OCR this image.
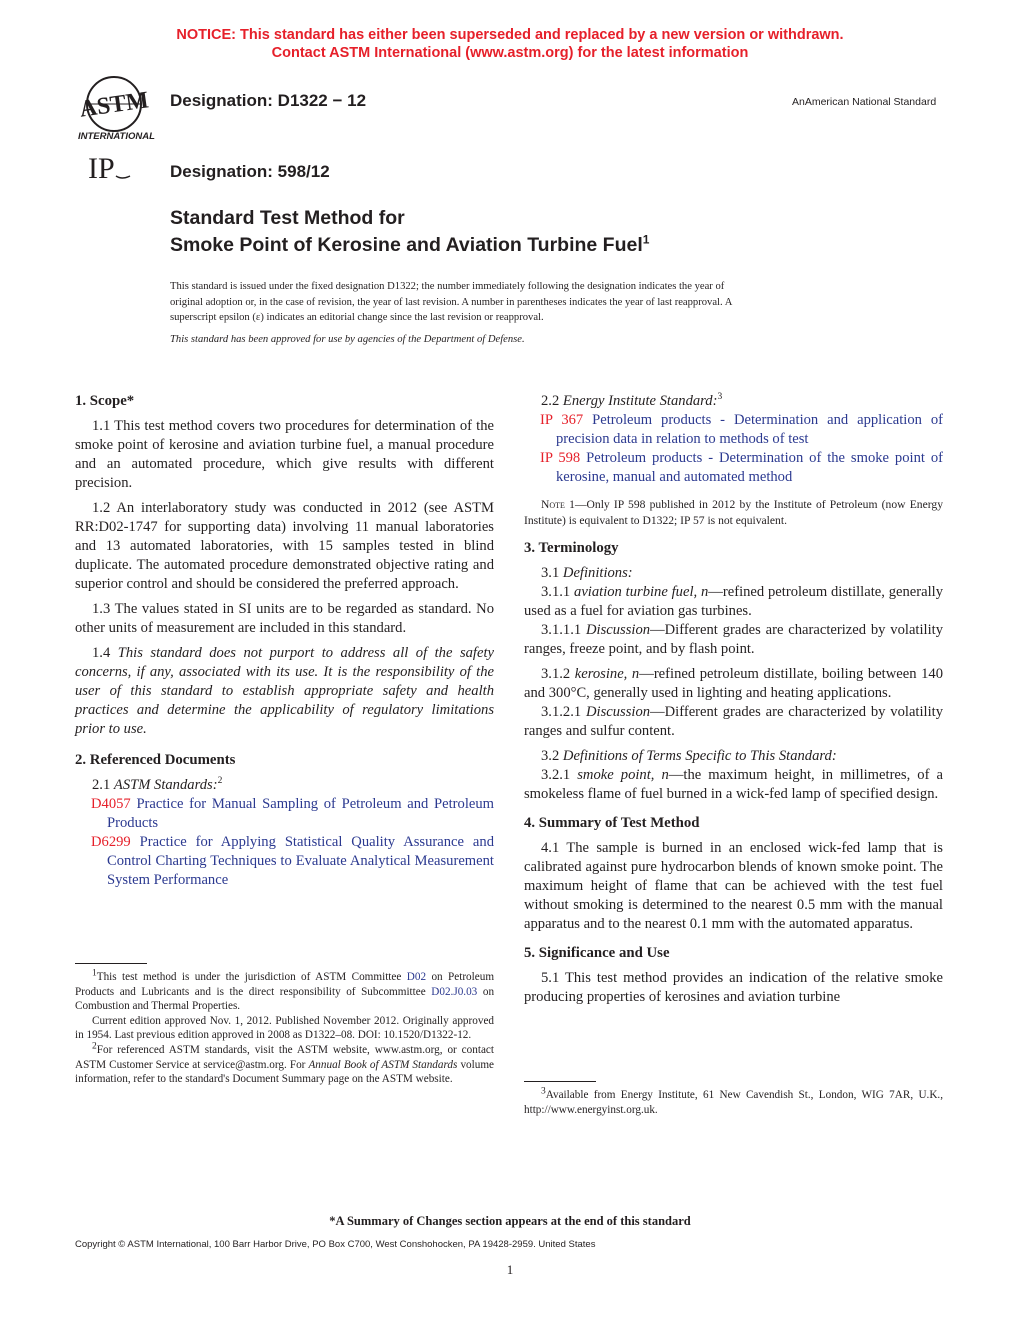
NOTICE: This standard has either been superseded and replaced by a new version or withdrawn.
Contact ASTM International (www.astm.org) for the latest information
ASTM
INTERNATIONAL
Designation: D1322 − 12	AnAmerican National Standard
IP	Designation: 598/12
Standard Test Method for
Smoke Point of Kerosine and Aviation Turbine Fuel$^1$
This standard is issued under the fixed designation D1322; the number immediately following the designation indicates the year of
original adoption or, in the case of revision, the year of last revision. A number in parentheses indicates the year of last reapproval. A
superscript epsilon (ε) indicates an editorial change since the last revision or reapproval.
This standard has been approved for use by agencies of the Department of Defense.

1. Scope*

1.1 This test method covers two procedures for determination of the smoke point of kerosine and aviation turbine fuel, a manual procedure and an automated procedure, which give results with different precision.

1.2 An interlaboratory study was conducted in 2012 (see ASTM RR:D02-1747 for supporting data) involving 11 manual laboratories and 13 automated laboratories, with 15 samples tested in blind duplicate. The automated procedure demonstrated objective rating and superior control and should be considered the preferred approach.

1.3 The values stated in SI units are to be regarded as standard. No other units of measurement are included in this standard.

1.4 This standard does not purport to address all of the safety concerns, if any, associated with its use. It is the responsibility of the user of this standard to establish appropriate safety and health practices and determine the applicability of regulatory limitations prior to use.

2. Referenced Documents

2.1 ASTM Standards:$^2$

D4057 Practice for Manual Sampling of Petroleum and Petroleum Products

D6299 Practice for Applying Statistical Quality Assurance and Control Charting Techniques to Evaluate Analytical Measurement System Performance

$^1$This test method is under the jurisdiction of ASTM Committee D02 on Petroleum Products and Lubricants and is the direct responsibility of Subcommittee D02.J0.03 on Combustion and Thermal Properties.

Current edition approved Nov. 1, 2012. Published November 2012. Originally approved in 1954. Last previous edition approved in 2008 as D1322–08. DOI: 10.1520/D1322-12.

$^2$For referenced ASTM standards, visit the ASTM website, www.astm.org, or contact ASTM Customer Service at service@astm.org. For Annual Book of ASTM Standards volume information, refer to the standard's Document Summary page on the ASTM website.

2.2 Energy Institute Standard:$^3$

IP 367 Petroleum products - Determination and application of precision data in relation to methods of test

IP 598 Petroleum products - Determination of the smoke point of kerosine, manual and automated method

Note 1—Only IP 598 published in 2012 by the Institute of Petroleum (now Energy Institute) is equivalent to D1322; IP 57 is not equivalent.

3. Terminology

3.1 Definitions:

3.1.1 aviation turbine fuel, n—refined petroleum distillate, generally used as a fuel for aviation gas turbines.

3.1.1.1 Discussion—Different grades are characterized by volatility ranges, freeze point, and by flash point.

3.1.2 kerosine, n—refined petroleum distillate, boiling between 140 and 300°C, generally used in lighting and heating applications.

3.1.2.1 Discussion—Different grades are characterized by volatility ranges and sulfur content.

3.2 Definitions of Terms Specific to This Standard:

3.2.1 smoke point, n—the maximum height, in millimetres, of a smokeless flame of fuel burned in a wick-fed lamp of specified design.

4. Summary of Test Method

4.1 The sample is burned in an enclosed wick-fed lamp that is calibrated against pure hydrocarbon blends of known smoke point. The maximum height of flame that can be achieved with the test fuel without smoking is determined to the nearest 0.5 mm with the manual apparatus and to the nearest 0.1 mm with the automated apparatus.

5. Significance and Use

5.1 This test method provides an indication of the relative smoke producing properties of kerosines and aviation turbine

$^3$Available from Energy Institute, 61 New Cavendish St., London, WIG 7AR, U.K., http://www.energyinst.org.uk.

*A Summary of Changes section appears at the end of this standard
Copyright © ASTM International, 100 Barr Harbor Drive, PO Box C700, West Conshohocken, PA 19428-2959. United States
1
